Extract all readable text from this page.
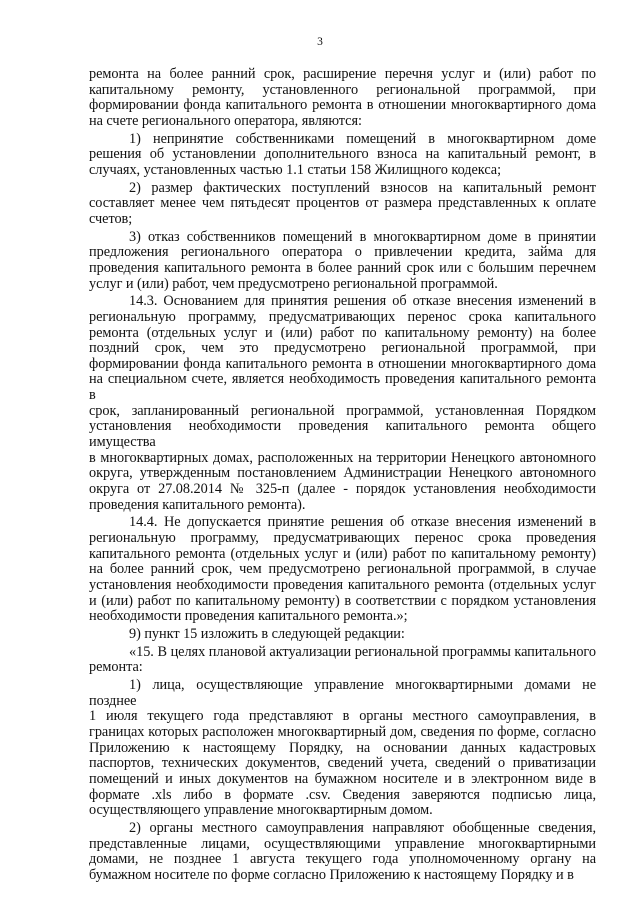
3
ремонта на более ранний срок, расширение перечня услуг и (или) работ по
капитальному ремонту, установленного региональной программой, при
формировании фонда капитального ремонта в отношении многоквартирного дома
на счете регионального оператора, являются:
1) непринятие собственниками помещений в многоквартирном доме
решения об установлении дополнительного взноса на капитальный ремонт, в
случаях, установленных частью 1.1 статьи 158 Жилищного кодекса;
2) размер фактических поступлений взносов на капитальный ремонт
составляет менее чем пятьдесят процентов от размера представленных к оплате
счетов;
3) отказ собственников помещений в многоквартирном доме в принятии
предложения регионального оператора о привлечении кредита, займа для
проведения капитального ремонта в более ранний срок или с большим перечнем
услуг и (или) работ, чем предусмотрено региональной программой.
14.3. Основанием для принятия решения об отказе внесения изменений в
региональную программу, предусматривающих перенос срока капитального
ремонта (отдельных услуг и (или) работ по капитальному ремонту) на более
поздний срок, чем это предусмотрено региональной программой, при
формировании фонда капитального ремонта в отношении многоквартирного дома
на специальном счете, является необходимость проведения капитального ремонта в
срок, запланированный региональной программой, установленная Порядком
установления необходимости проведения капитального ремонта общего имущества
в многоквартирных домах, расположенных на территории Ненецкого автономного
округа, утвержденным постановлением Администрации Ненецкого автономного
округа от 27.08.2014 № 325-п (далее - порядок установления необходимости
проведения капитального ремонта).
14.4. Не допускается принятие решения об отказе внесения изменений в
региональную программу, предусматривающих перенос срока проведения
капитального ремонта (отдельных услуг и (или) работ по капитальному ремонту)
на более ранний срок, чем предусмотрено региональной программой, в случае
установления необходимости проведения капитального ремонта (отдельных услуг
и (или) работ по капитальному ремонту) в соответствии с порядком установления
необходимости проведения капитального ремонта.»;
9) пункт 15 изложить в следующей редакции:
«15. В целях плановой актуализации региональной программы капитального
ремонта:
1) лица, осуществляющие управление многоквартирными домами не позднее
1 июля текущего года представляют в органы местного самоуправления, в
границах которых расположен многоквартирный дом, сведения по форме, согласно
Приложению к настоящему Порядку, на основании данных кадастровых
паспортов, технических документов, сведений учета, сведений о приватизации
помещений и иных документов на бумажном носителе и в электронном виде в
формате .xls либо в формате .csv. Сведения заверяются подписью лица,
осуществляющего управление многоквартирным домом.
2) органы местного самоуправления направляют обобщенные сведения,
представленные лицами, осуществляющими управление многоквартирными
домами, не позднее 1 августа текущего года уполномоченному органу на
бумажном носителе по форме согласно Приложению к настоящему Порядку и в
